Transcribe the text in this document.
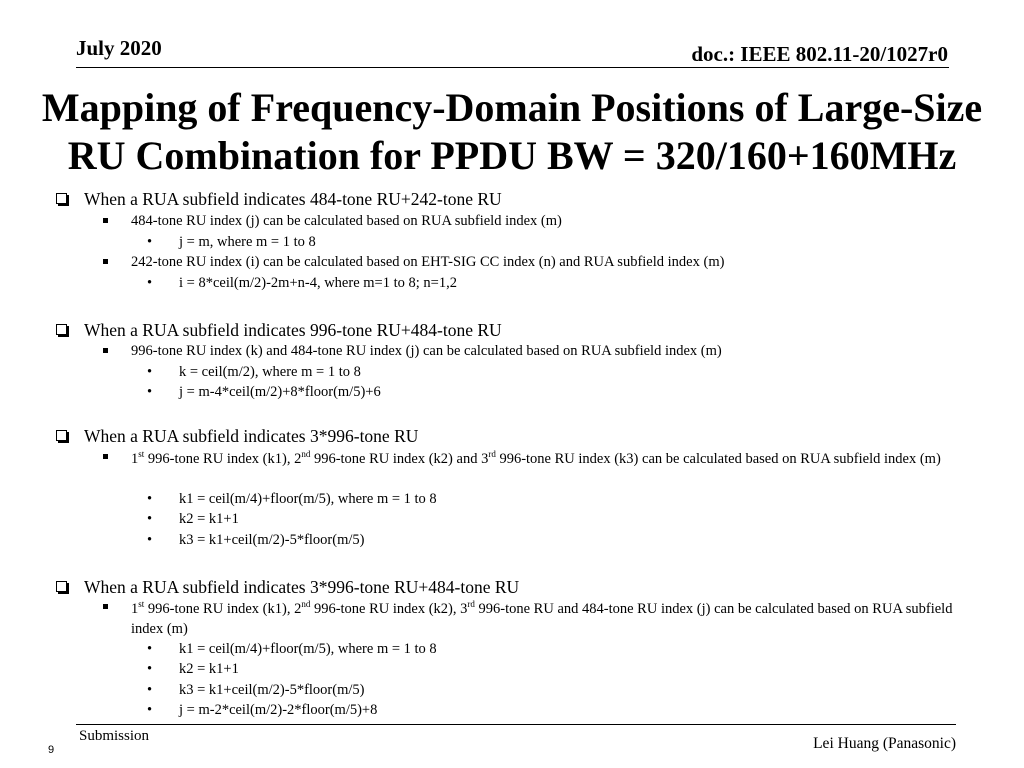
July 2020	doc.: IEEE 802.11-20/1027r0
Mapping of Frequency-Domain Positions of Large-Size
RU Combination for PPDU BW = 320/160+160MHz
When a RUA subfield indicates 484-tone RU+242-tone RU
484-tone RU index (j) can be calculated based on RUA subfield index (m)
• j = m, where m = 1 to 8
242-tone RU index (i) can be calculated based on EHT-SIG CC index (n) and RUA subfield index (m)
• i = 8*ceil(m/2)-2m+n-4, where m=1 to 8; n=1,2
When a RUA subfield indicates 996-tone RU+484-tone RU
996-tone RU index (k) and 484-tone RU index (j) can be calculated based on RUA subfield index (m)
• k = ceil(m/2), where m = 1 to 8
• j = m-4*ceil(m/2)+8*floor(m/5)+6
When a RUA subfield indicates 3*996-tone RU
1st 996-tone RU index (k1), 2nd 996-tone RU index (k2) and 3rd 996-tone RU index (k3) can be calculated based on RUA subfield index (m)
• k1 = ceil(m/4)+floor(m/5), where m = 1 to 8
• k2 = k1+1
• k3 = k1+ceil(m/2)-5*floor(m/5)
When a RUA subfield indicates 3*996-tone RU+484-tone RU
1st 996-tone RU index (k1), 2nd 996-tone RU index (k2), 3rd 996-tone RU and 484-tone RU index (j) can be calculated based on RUA subfield index (m)
• k1 = ceil(m/4)+floor(m/5), where m = 1 to 8
• k2 = k1+1
• k3 = k1+ceil(m/2)-5*floor(m/5)
• j = m-2*ceil(m/2)-2*floor(m/5)+8
Submission	Lei Huang (Panasonic)
9
